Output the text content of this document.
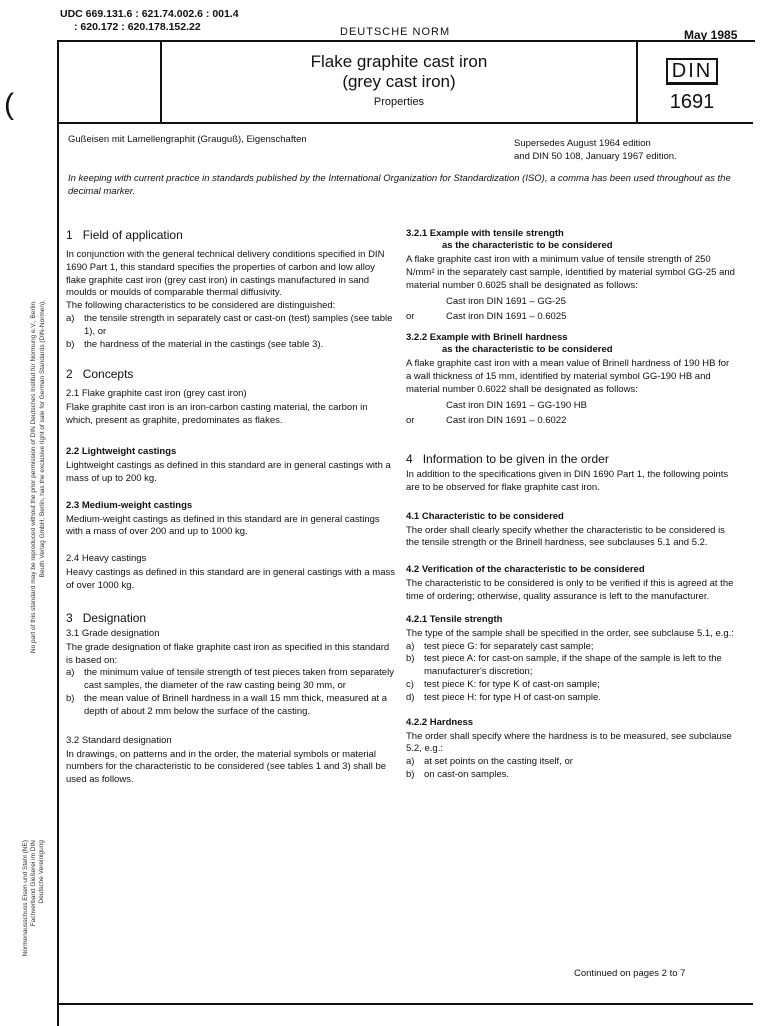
UDC 669.131.6 : 621.74.002.6 : 001.4
: 620.172 : 620.178.152.22	DEUTSCHE NORM	May 1985
(
Flake graphite cast iron
(grey cast iron)
Properties
DIN
1691
No part of this standard may be reproduced without the prior permission of DIN Deutsches Institut für Normung e.V., Berlin. Beuth Verlag GmbH, Berlin, has the exclusive right of sale for German Standards (DIN-Normen).
Normenausschuss Eisen und Stahl (NE) Fachverband Gießerei im DIN Deutsche Vereinigung
Gußeisen mit Lamellengraphit (Grauguß), Eigenschaften	Supersedes August 1964 edition
and DIN 50 108, January 1967 edition.
In keeping with current practice in standards published by the International Organization for Standardization (ISO), a comma has been used throughout as the decimal marker.
1 Field of application

In conjunction with the general technical delivery conditions specified in DIN 1690 Part 1, this standard specifies the properties of carbon and low alloy flake graphite cast iron (grey cast iron) in castings manufactured in sand moulds or moulds of comparable thermal diffusivity.

The following characteristics to be considered are distinguished:

a) the tensile strength in separately cast or cast-on (test) samples (see table 1), or
b) the hardness of the material in the castings (see table 3).
2 Concepts
2.1 Flake graphite cast iron (grey cast iron)

Flake graphite cast iron is an iron-carbon casting material, the carbon in which, present as graphite, predominates as flakes.

2.2 Lightweight castings

Lightweight castings as defined in this standard are in general castings with a mass of up to 200 kg.

2.3 Medium-weight castings

Medium-weight castings as defined in this standard are in general castings with a mass of over 200 and up to 1000 kg.

2.4 Heavy castings

Heavy castings as defined in this standard are in general castings with a mass of over 1000 kg.

3 Designation
3.1 Grade designation

The grade designation of flake graphite cast iron as specified in this standard is based on:

a) the minimum value of tensile strength of test pieces taken from separately cast samples, the diameter of the raw casting being 30 mm, or
b) the mean value of Brinell hardness in a wall 15 mm thick, measured at a depth of about 2 mm below the surface of the casting.
3.2 Standard designation

In drawings, on patterns and in the order, the material symbols or material numbers for the characteristic to be considered (see tables 1 and 3) shall be used as follows.

3.2.1 Example with tensile strength
as the characteristic to be considered

A flake graphite cast iron with a minimum value of tensile strength of 250 N/mm² in the separately cast sample, identified by material symbol GG-25 and material number 0.6025 shall be designated as follows:

Cast iron DIN 1691 – GG-25
or	Cast iron DIN 1691 – 0.6025
3.2.2 Example with Brinell hardness
as the characteristic to be considered

A flake graphite cast iron with a mean value of Brinell hardness of 190 HB for a wall thickness of 15 mm, identified by material symbol GG-190 HB and material number 0.6022 shall be designated as follows:

Cast iron DIN 1691 – GG-190 HB
or	Cast iron DIN 1691 – 0.6022
4 Information to be given in the order

In addition to the specifications given in DIN 1690 Part 1, the following points are to be observed for flake graphite cast iron.

4.1 Characteristic to be considered

The order shall clearly specify whether the characteristic to be considered is the tensile strength or the Brinell hardness, see subclauses 5.1 and 5.2.

4.2 Verification of the characteristic to be considered

The characteristic to be considered is only to be verified if this is agreed at the time of ordering; otherwise, quality assurance is left to the manufacturer.

4.2.1 Tensile strength

The type of the sample shall be specified in the order, see subclause 5.1, e.g.:

a) test piece G: for separately cast sample;
b) test piece A: for cast-on sample, if the shape of the sample is left to the manufacturer's discretion;
c) test piece K: for type K of cast-on sample;
d) test piece H: for type H of cast-on sample.
4.2.2 Hardness

The order shall specify where the hardness is to be measured, see subclause 5.2, e.g.:

a) at set points on the casting itself, or
b) on cast-on samples.
Continued on pages 2 to 7
